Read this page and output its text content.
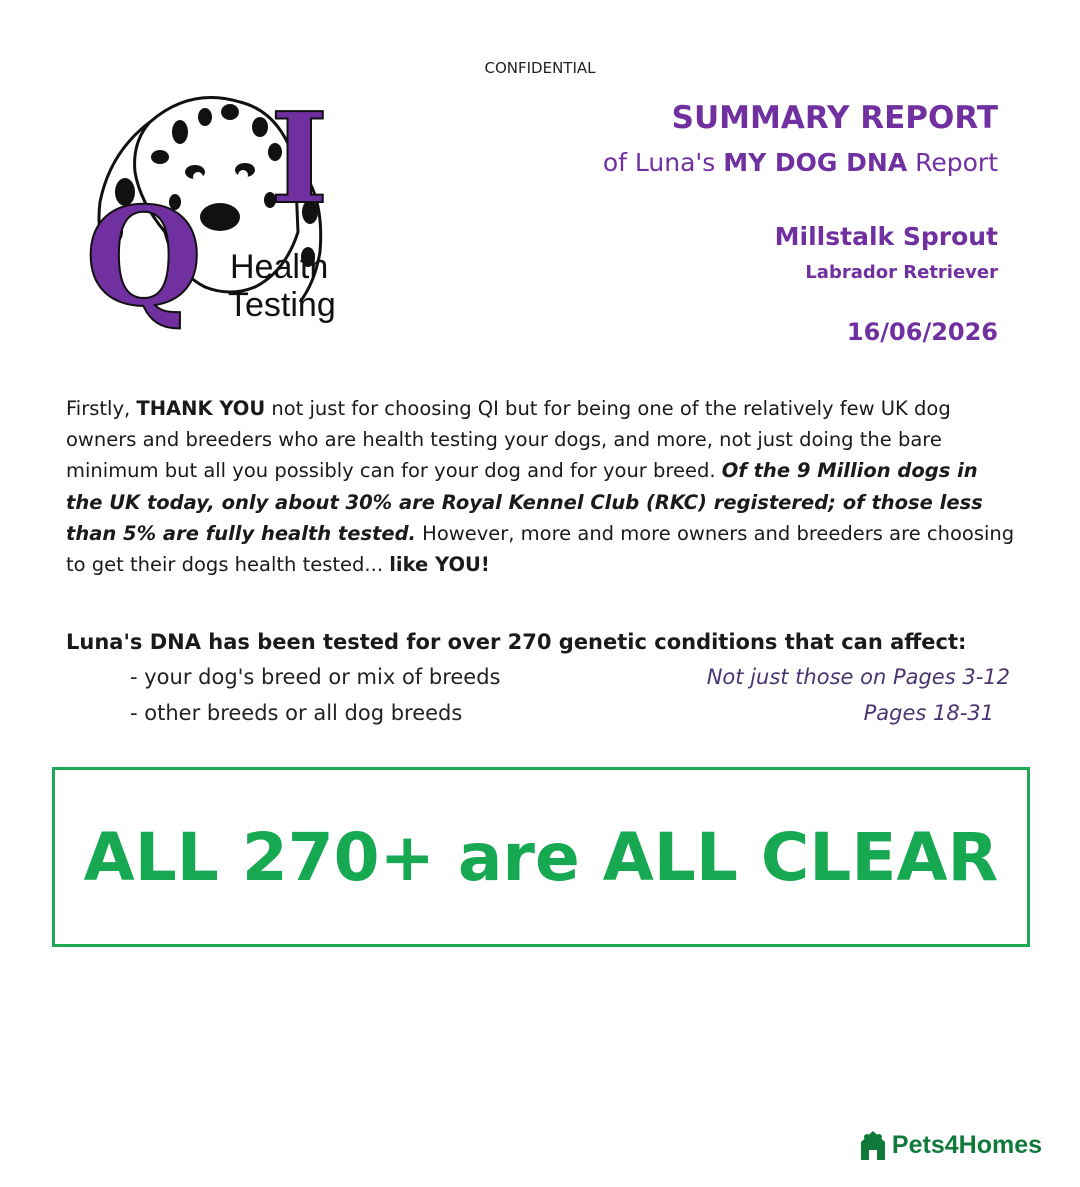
CONFIDENTIAL
I
Q Health
Testing
SUMMARY REPORT
of Luna's MY DOG DNA Report
Millstalk Sprout
Labrador Retriever
16/06/2026
Firstly, THANK YOU not just for choosing QI but for being one of the relatively few UK dog owners and breeders who are health testing your dogs, and more, not just doing the bare minimum but all you possibly can for your dog and for your breed. Of the 9 Million dogs in the UK today, only about 30% are Royal Kennel Club (RKC) registered; of those less than 5% are fully health tested. However, more and more owners and breeders are choosing to get their dogs health tested... like YOU!
Luna's DNA has been tested for over 270 genetic conditions that can affect:
- your dog's breed or mix of breeds	Not just those on Pages 3-12
- other breeds or all dog breeds	Pages 18-31
ALL 270+ are ALL CLEAR
Pets4Homes
